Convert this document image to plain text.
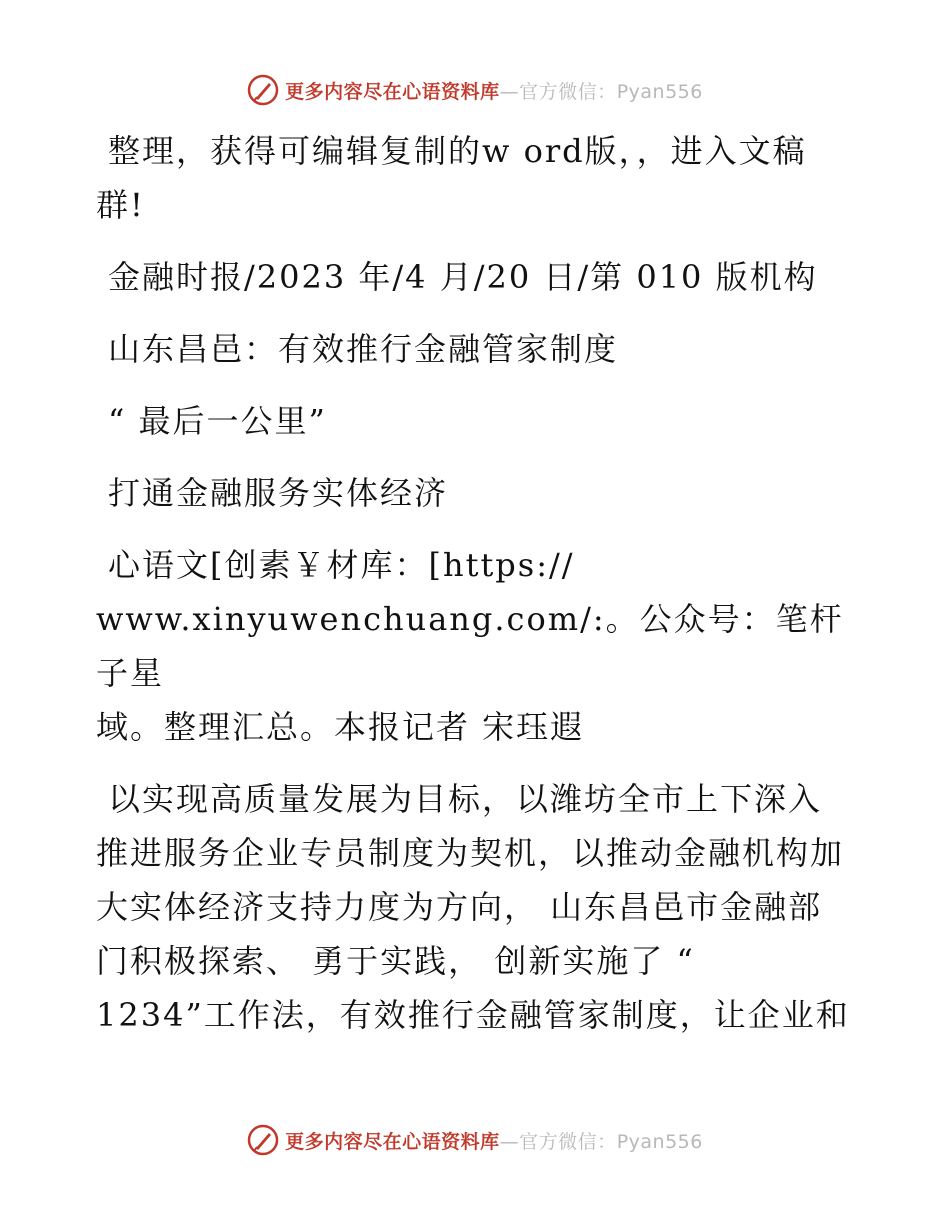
更多内容尽在心语资料库—官方微信：Pyan556

整理，获得可编辑复制的w ord版，，进入文稿

群!

金融时报/2023 年/4 月/20 日/第 010 版机构

山东昌邑：有效推行金融管家制度

“ 最后一公里”

打通金融服务实体经济

心语文[创素￥材库：[https://

www.xinyuwenchuang.com/:。公众号：笔杆子星

域。整理汇总。本报记者 宋珏遐

以实现高质量发展为目标，以潍坊全市上下深入

推进服务企业专员制度为契机，以推动金融机构加

大实体经济支持力度为方向， 山东昌邑市金融部

门积极探索、 勇于实践， 创新实施了 “

1234”工作法，有效推行金融管家制度，让企业和

更多内容尽在心语资料库—官方微信：Pyan556
